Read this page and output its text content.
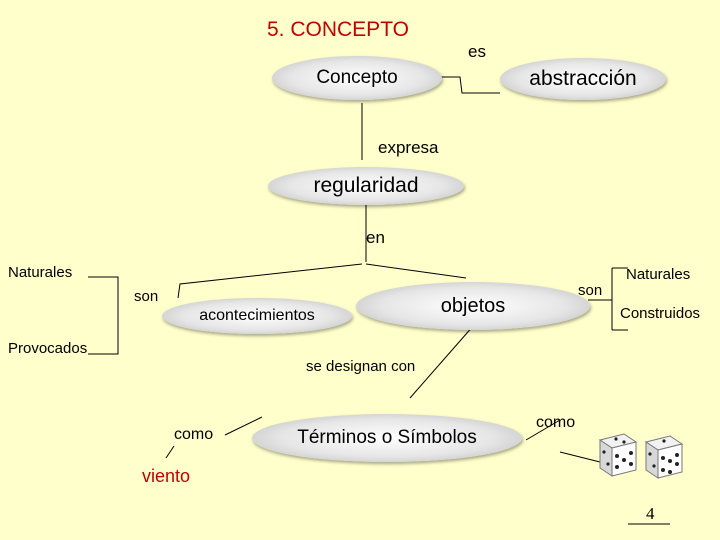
5. CONCEPTO
Concepto	abstracción
regularidad
acontecimientos	objetos
Términos o Símbolos
es
expresa
en
son	son
se designan con
como
como
Naturales
Provocados
Naturales
Construidos
viento
4
